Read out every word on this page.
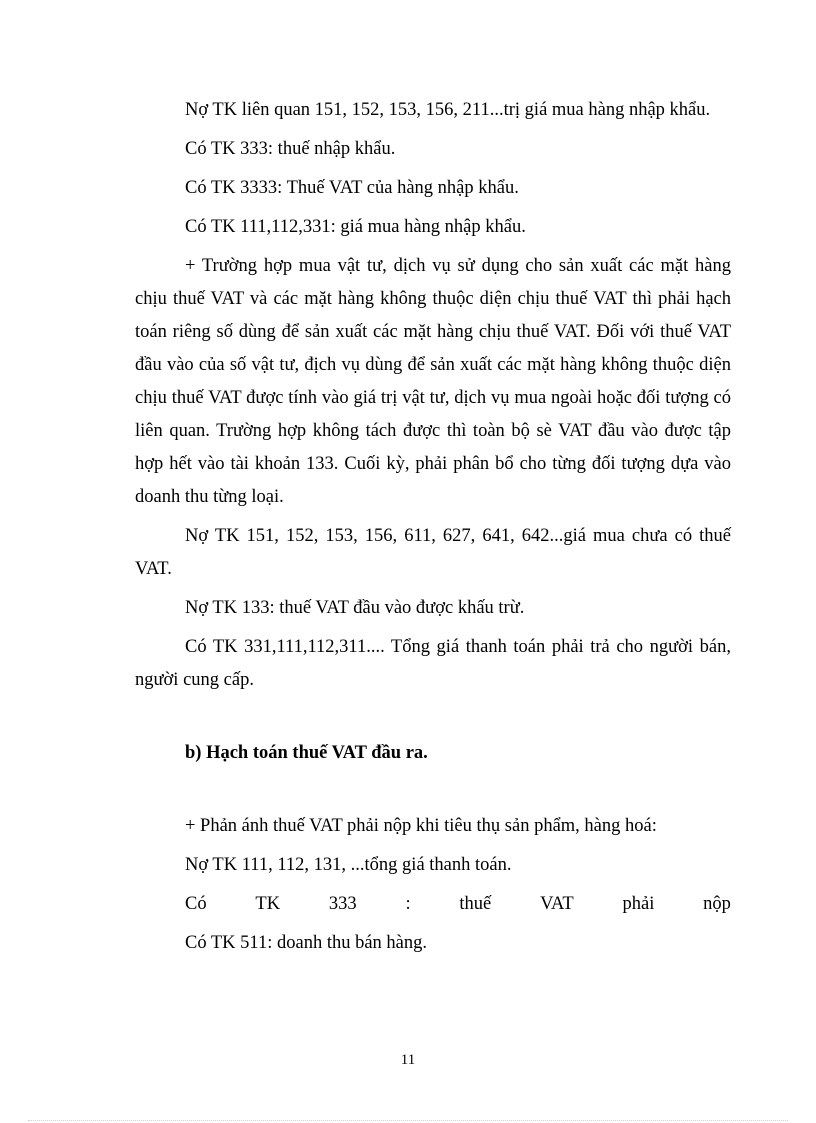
Nợ TK liên quan 151, 152, 153, 156, 211...trị giá mua hàng nhập khẩu.

Có TK 333: thuế nhập khẩu.

Có TK 3333: Thuế VAT của hàng nhập khẩu.

Có TK 111,112,331: giá mua hàng nhập khẩu.

+ Trường hợp mua vật tư, dịch vụ sử dụng cho sản xuất các mặt hàng chịu thuế VAT và các mặt hàng không thuộc diện chịu thuế VAT thì phải hạch toán riêng số dùng để sản xuất các mặt hàng chịu thuế VAT. Đối với thuế VAT đầu vào của số vật tư, địch vụ dùng để sản xuất các mặt hàng không thuộc diện chịu thuế VAT được tính vào giá trị vật tư, dịch vụ mua ngoài hoặc đối tượng có liên quan. Trường hợp không tách được thì toàn bộ sè VAT đầu vào được tập hợp hết vào tài khoản 133. Cuối kỳ, phải phân bổ cho từng đối tượng dựa vào doanh thu từng loại.

Nợ TK 151, 152, 153, 156, 611, 627, 641, 642...giá mua chưa có thuế VAT.

Nợ TK 133: thuế VAT đầu vào được khấu trừ.

Có TK 331,111,112,311.... Tổng giá thanh toán phải trả cho người bán, người cung cấp.

b) Hạch toán thuế VAT đầu ra.

+ Phản ánh thuế VAT phải nộp khi tiêu thụ sản phẩm, hàng hoá:

Nợ TK 111, 112, 131, ...tổng giá thanh toán.

Có	TK	333	:	thuế	VAT	phải	nộp

Có TK 511: doanh thu bán hàng.

11
